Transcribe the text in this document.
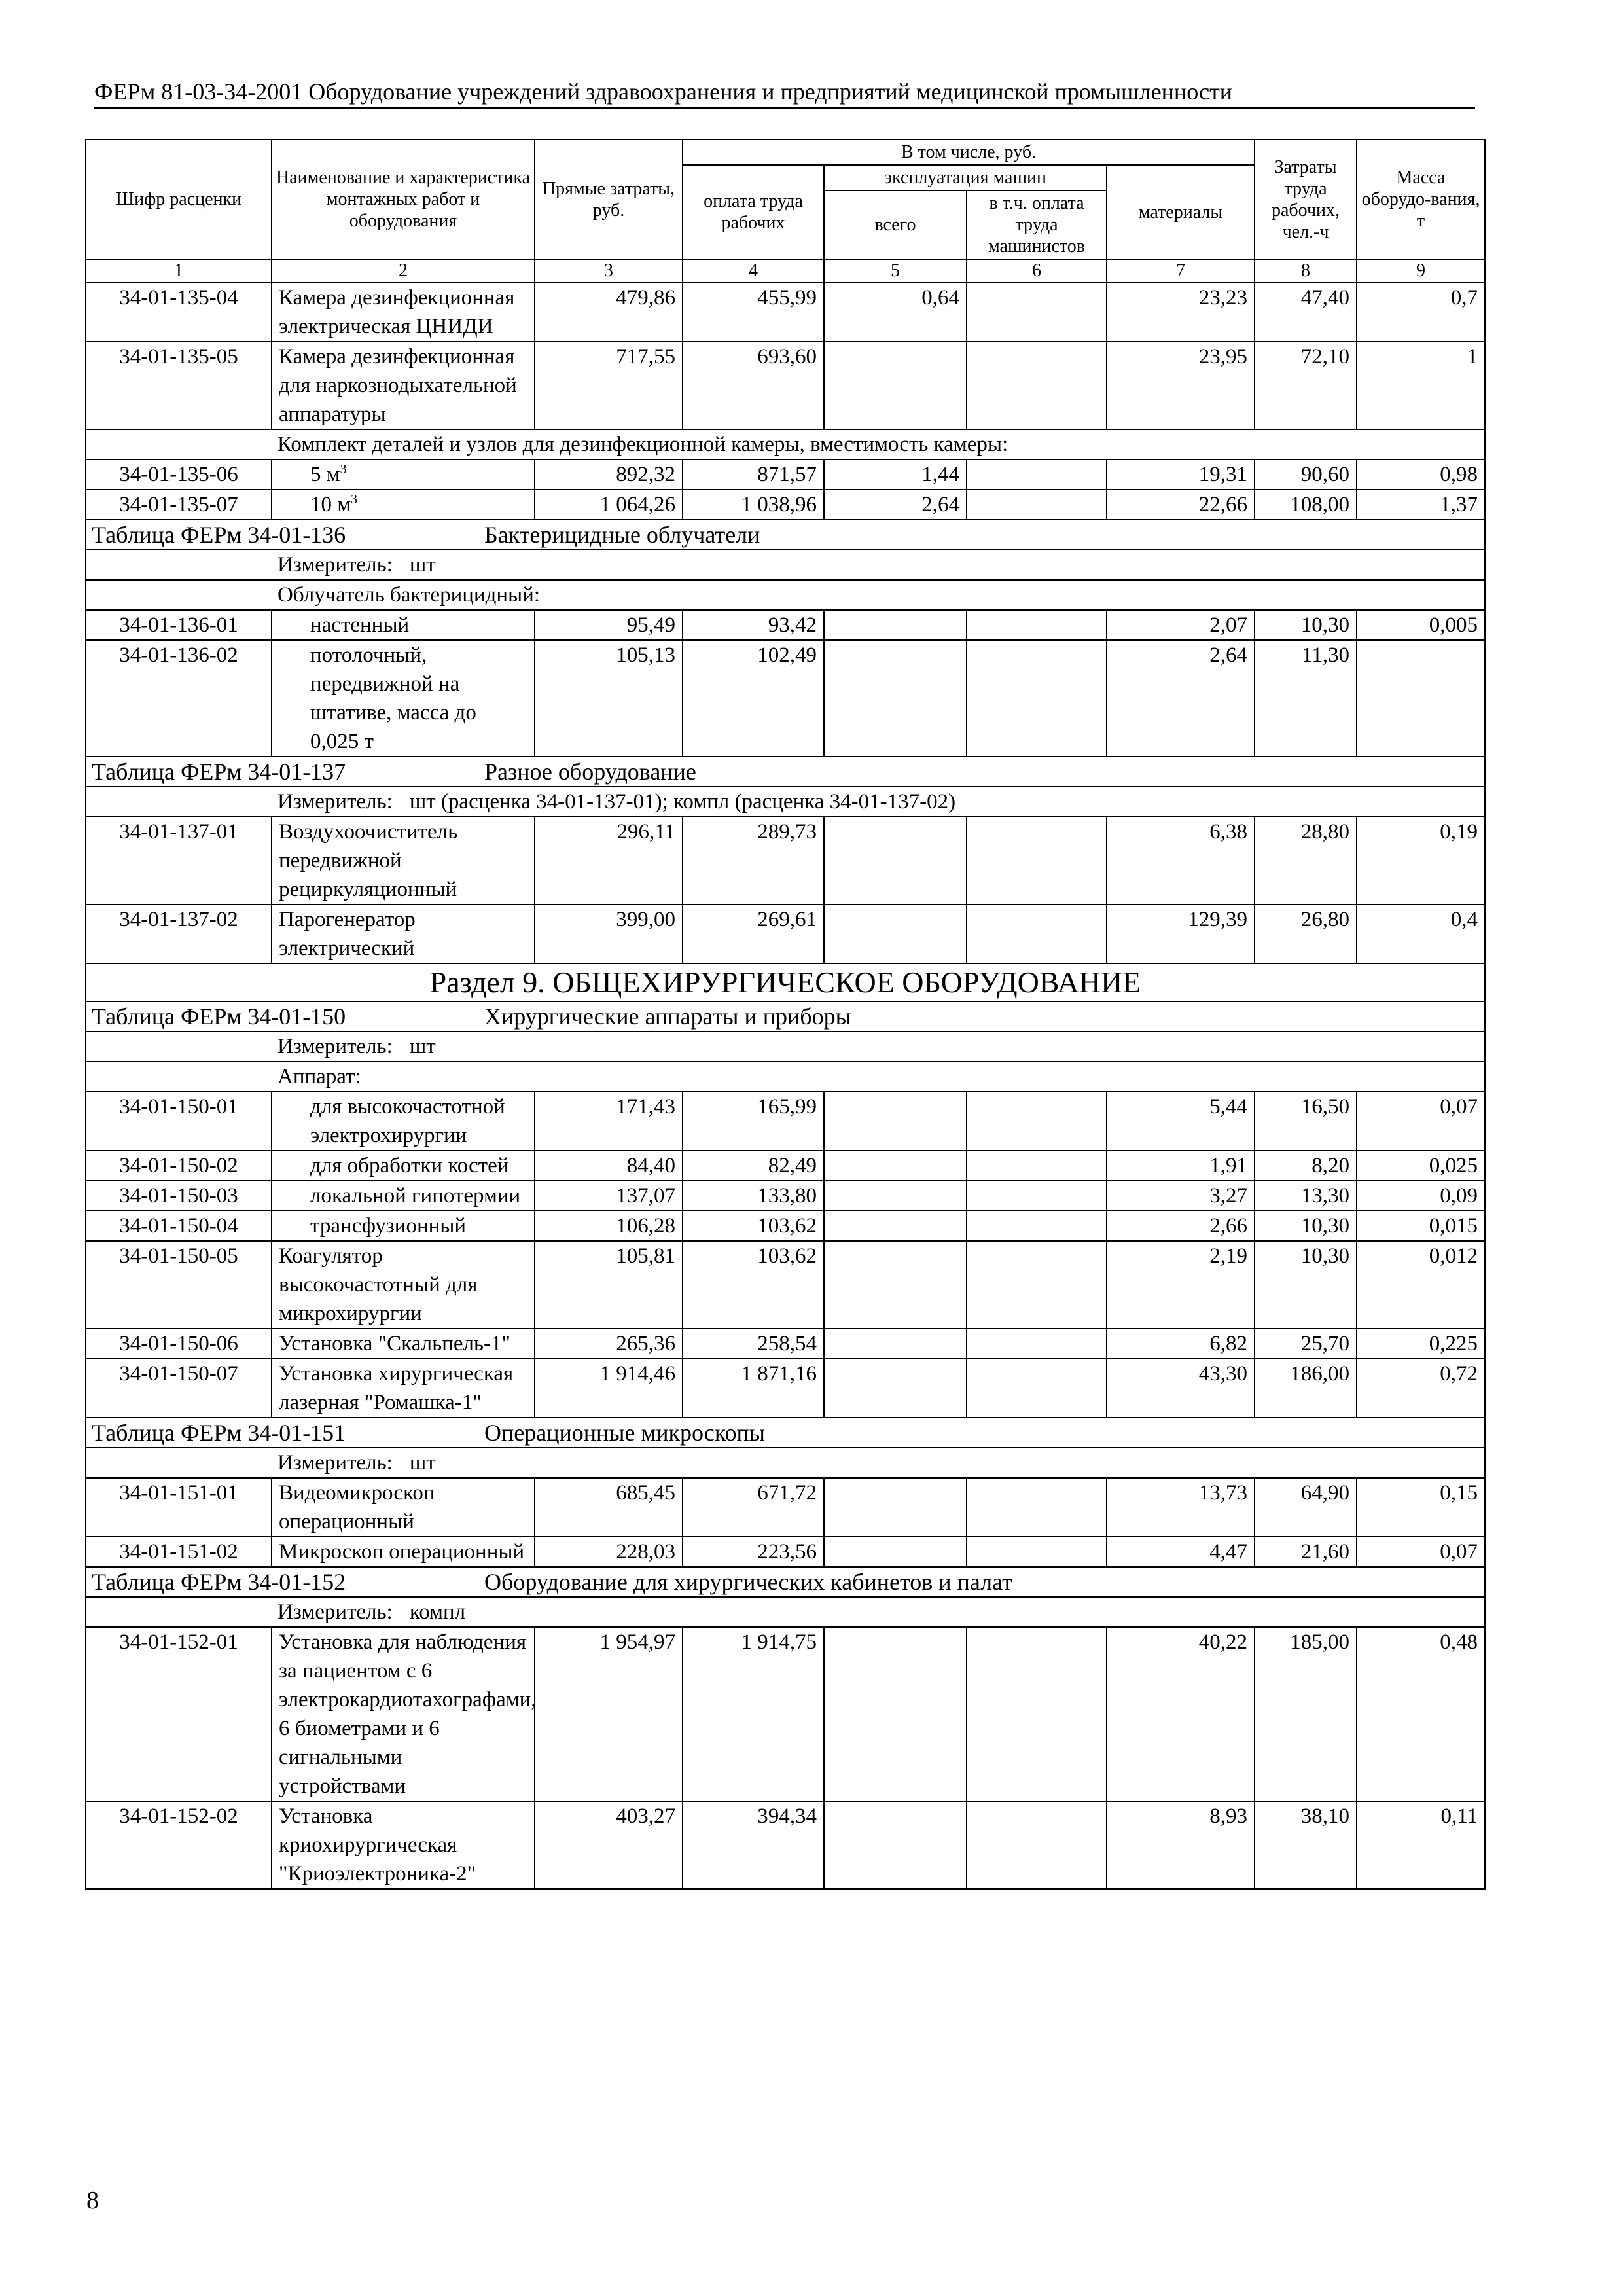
ФЕРм 81-03-34-2001 Оборудование учреждений здравоохранения и предприятий медицинской промышленности
Шифр расценки	Наименование и характеристика монтажных работ и оборудования	Прямые затраты, руб.	В том числе, руб.				Затраты труда рабочих, чел.-ч	Масса оборудо-вания, т
			оплата труда рабочих	эксплуатация машин		материалы		
				всего	в т.ч. оплата труда машинистов			
1	2	3	4	5	6	7	8	9
34-01-135-04	Камера дезинфекционная электрическая ЦНИДИ	479,86	455,99	0,64		23,23	47,40	0,7
34-01-135-05	Камера дезинфекционная для наркознодыхательной аппаратуры	717,55	693,60			23,95	72,10	1
Комплект деталей и узлов для дезинфекционной камеры, вместимость камеры:								
34-01-135-06	5 $м^3$	892,32	871,57	1,44		19,31	90,60	0,98
34-01-135-07	10 $м^3$	1 064,26	1 038,96	2,64		22,66	108,00	1,37
Таблица ФЕРм 34-01-136 Бактерицидные облучатели								
Измеритель: шт								
Облучатель бактерицидный:								
34-01-136-01	настенный	95,49	93,42			2,07	10,30	0,005
34-01-136-02	потолочный, передвижной на штативе, масса до 0,025 т	105,13	102,49			2,64	11,30	
Таблица ФЕРм 34-01-137 Разное оборудование								
Измеритель: шт (расценка 34-01-137-01); компл (расценка 34-01-137-02)								
34-01-137-01	Воздухоочиститель передвижной рециркуляционный	296,11	289,73			6,38	28,80	0,19
34-01-137-02	Парогенератор электрический	399,00	269,61			129,39	26,80	0,4
Раздел 9. ОБЩЕХИРУРГИЧЕСКОЕ ОБОРУДОВАНИЕ								
Таблица ФЕРм 34-01-150 Хирургические аппараты и приборы								
Измеритель: шт								
Аппарат:								
34-01-150-01	для высокочастотной электрохирургии	171,43	165,99			5,44	16,50	0,07
34-01-150-02	для обработки костей	84,40	82,49			1,91	8,20	0,025
34-01-150-03	локальной гипотермии	137,07	133,80			3,27	13,30	0,09
34-01-150-04	трансфузионный	106,28	103,62			2,66	10,30	0,015
34-01-150-05	Коагулятор высокочастотный для микрохирургии	105,81	103,62			2,19	10,30	0,012
34-01-150-06	Установка "Скальпель-1"	265,36	258,54			6,82	25,70	0,225
34-01-150-07	Установка хирургическая лазерная "Ромашка-1"	1 914,46	1 871,16			43,30	186,00	0,72
Таблица ФЕРм 34-01-151 Операционные микроскопы								
Измеритель: шт								
34-01-151-01	Видеомикроскоп операционный	685,45	671,72			13,73	64,90	0,15
34-01-151-02	Микроскоп операционный	228,03	223,56			4,47	21,60	0,07
Таблица ФЕРм 34-01-152 Оборудование для хирургических кабинетов и палат								
Измеритель: компл								
34-01-152-01	Установка для наблюдения за пациентом с 6 электрокардиотахографами, 6 биометрами и 6 сигнальными устройствами	1 954,97	1 914,75			40,22	185,00	0,48
34-01-152-02	Установка криохирургическая "Криоэлектроника-2"	403,27	394,34			8,93	38,10	0,11
8
